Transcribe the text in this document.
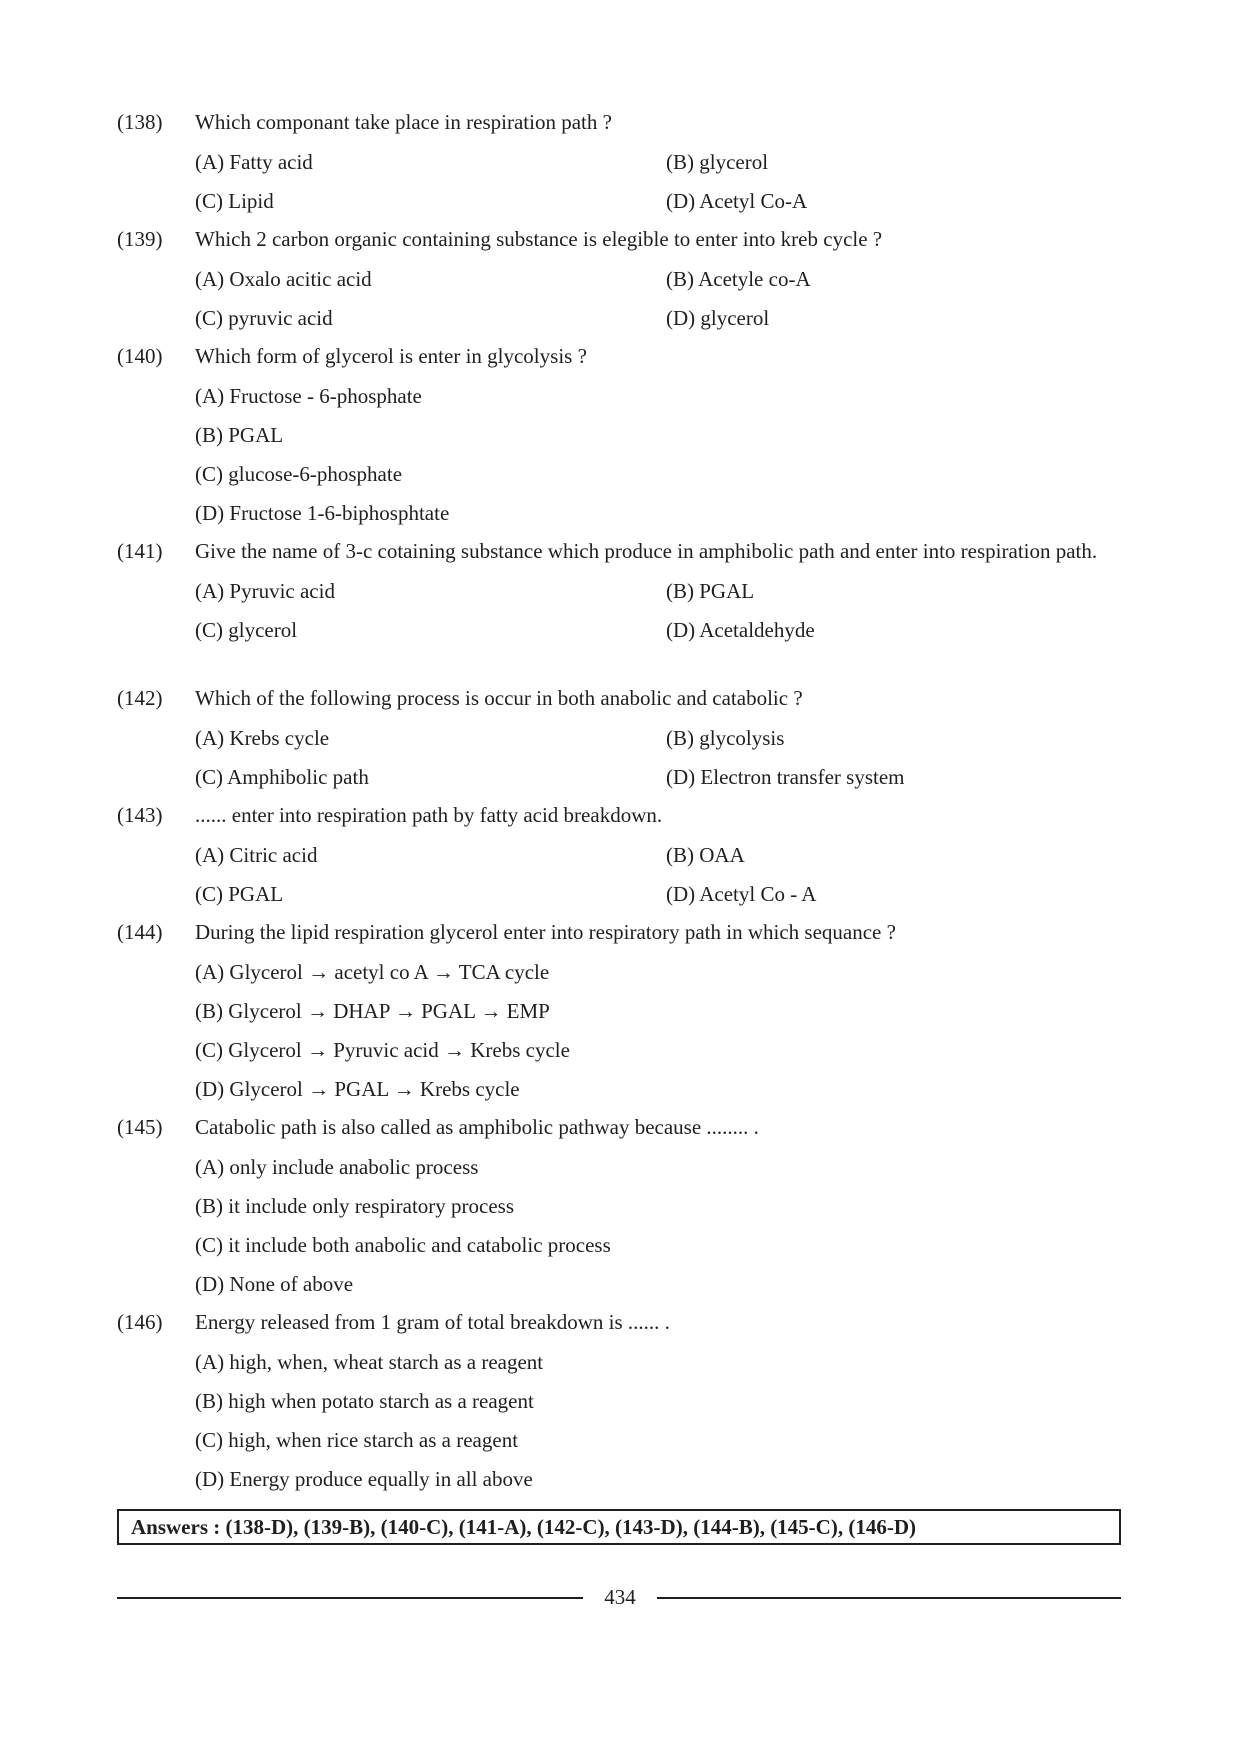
(138) Which componant take place in respiration path ?
(A) Fatty acid	(B) glycerol
(C) Lipid	(D) Acetyl Co-A
(139) Which 2 carbon organic containing substance is elegible to enter into kreb cycle ?
(A) Oxalo acitic acid	(B) Acetyle co-A
(C) pyruvic acid	(D) glycerol
(140) Which form of glycerol is enter in glycolysis ?
(A) Fructose - 6-phosphate
(B) PGAL
(C) glucose-6-phosphate
(D) Fructose 1-6-biphosphtate
(141) Give the name of 3-c cotaining substance which produce in amphibolic path and enter into respiration path.
(A) Pyruvic acid	(B) PGAL
(C) glycerol	(D) Acetaldehyde
(142) Which of the following process is occur in both anabolic and catabolic ?
(A) Krebs cycle	(B) glycolysis
(C) Amphibolic path	(D) Electron transfer system
(143) ...... enter into respiration path by fatty acid breakdown.
(A) Citric acid	(B) OAA
(C) PGAL	(D) Acetyl Co - A
(144) During the lipid respiration glycerol enter into respiratory path in which sequance ?
(A) Glycerol → acetyl co A → TCA cycle
(B) Glycerol → DHAP → PGAL → EMP
(C) Glycerol → Pyruvic acid → Krebs cycle
(D) Glycerol → PGAL → Krebs cycle
(145) Catabolic path is also called as amphibolic pathway because ........ .
(A) only include anabolic process
(B) it include only respiratory process
(C) it include both anabolic and catabolic process
(D) None of above
(146) Energy released from 1 gram of total breakdown is ...... .
(A) high, when, wheat starch as a reagent
(B) high when potato starch as a reagent
(C) high, when rice starch as a reagent
(D) Energy produce equally in all above
Answers : (138-D), (139-B), (140-C), (141-A), (142-C), (143-D), (144-B), (145-C), (146-D)
434
